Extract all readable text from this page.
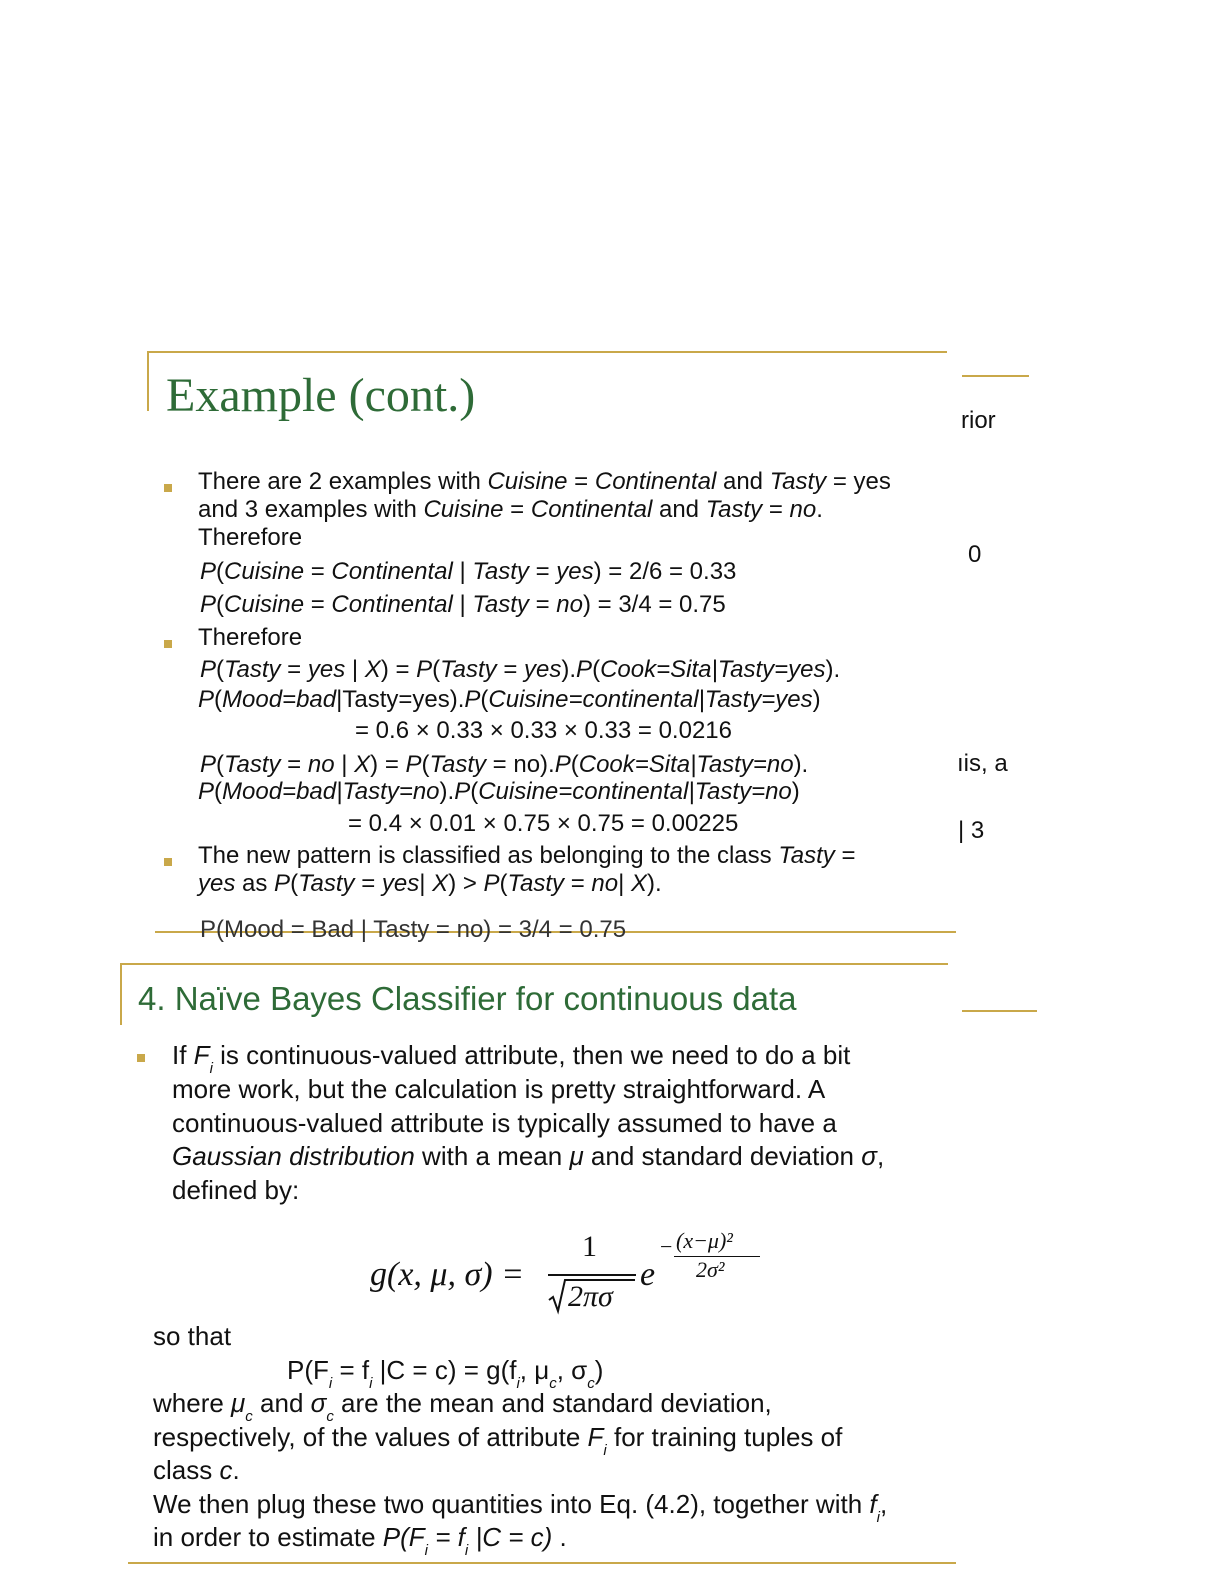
rior
0
ıis, a
| 3
P(Mood = Bad | Tasty = no) = 3/4 = 0.75
Example (cont.)
There are 2 examples with Cuisine = Continental and Tasty = yes
and 3 examples with Cuisine = Continental and Tasty = no.
Therefore
P(Cuisine = Continental | Tasty = yes) = 2/6 = 0.33
P(Cuisine = Continental | Tasty = no) = 3/4 = 0.75
Therefore
P(Tasty = yes | X) = P(Tasty = yes).P(Cook=Sita|Tasty=yes).
P(Mood=bad|Tasty=yes).P(Cuisine=continental|Tasty=yes)
= 0.6 × 0.33 × 0.33 × 0.33 = 0.0216
P(Tasty = no | X) = P(Tasty = no).P(Cook=Sita|Tasty=no).
P(Mood=bad|Tasty=no).P(Cuisine=continental|Tasty=no)
= 0.4 × 0.01 × 0.75 × 0.75 = 0.00225
The new pattern is classified as belonging to the class Tasty =
yes as P(Tasty = yes| X) > P(Tasty = no| X).
4. Naïve Bayes Classifier for continuous data
If $F_i$ is continuous-valued attribute, then we need to do a bit
more work, but the calculation is pretty straightforward. A
continuous-valued attribute is typically assumed to have a
Gaussian distribution with a mean μ and standard deviation σ,
defined by:
g(x, μ, σ) =
1
2πσ
e
− (x−μ)²
2σ²
so that
$P(F_i = f_i$ $|C = c) = g(f_i$, $\mu_c$, $\sigma_c$)
where $\mu_c$ and $\sigma_c$ are the mean and standard deviation,
respectively, of the values of attribute $F_i$ for training tuples of
class c.
We then plug these two quantities into Eq. (4.2), together with $f_i$,
in order to estimate $P(F_i = f_i$ |C = c) .
